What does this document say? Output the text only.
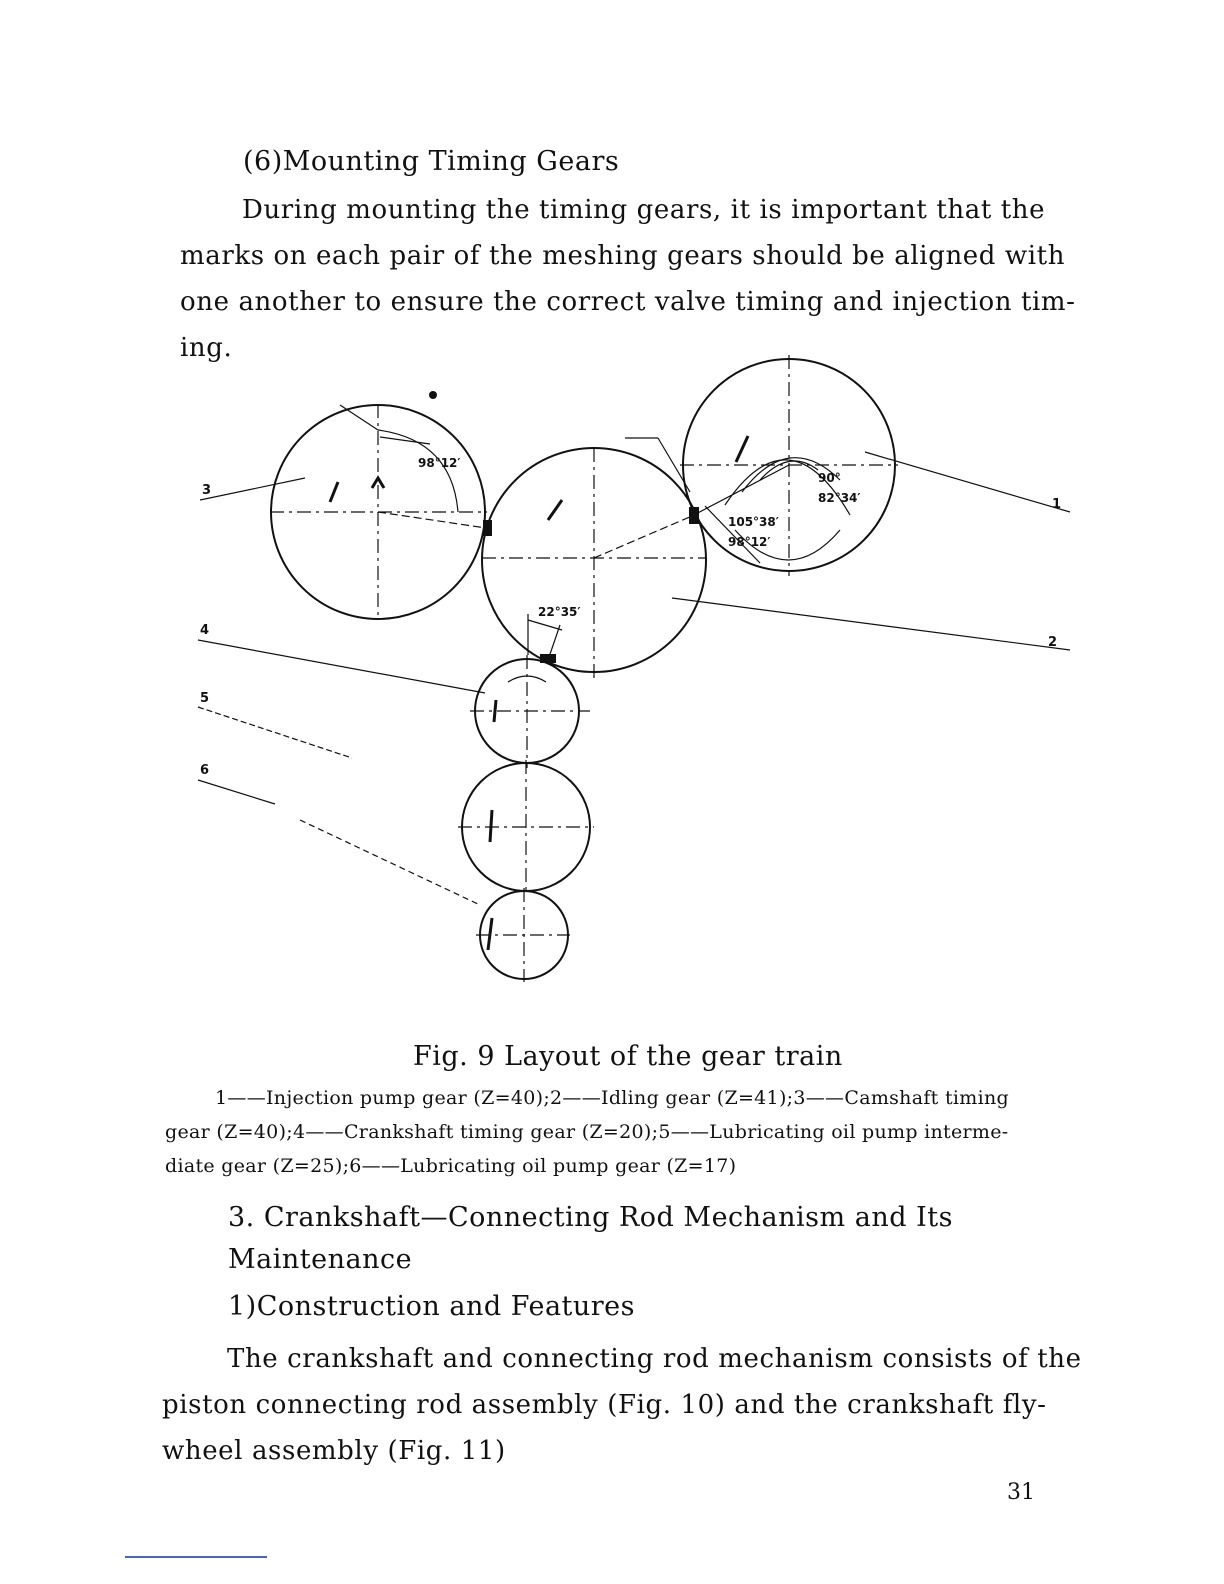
(6)Mounting Timing Gears
During mounting the timing gears, it is important that the
marks on each pair of the meshing gears should be aligned with
one another to ensure the correct valve timing and injection tim-
ing.
3
1
2
4
5
6
98°12′
90°
82°34′
105°38′
98°12′
22°35′
Fig. 9 Layout of the gear train
1——Injection pump gear (Z=40);2——Idling gear (Z=41);3——Camshaft timing
gear (Z=40);4——Crankshaft timing gear (Z=20);5——Lubricating oil pump interme-
diate gear (Z=25);6——Lubricating oil pump gear (Z=17)
3. Crankshaft—Connecting Rod Mechanism and Its
Maintenance
1)Construction and Features
The crankshaft and connecting rod mechanism consists of the
piston connecting rod assembly (Fig. 10) and the crankshaft fly-
wheel assembly (Fig. 11)
31
